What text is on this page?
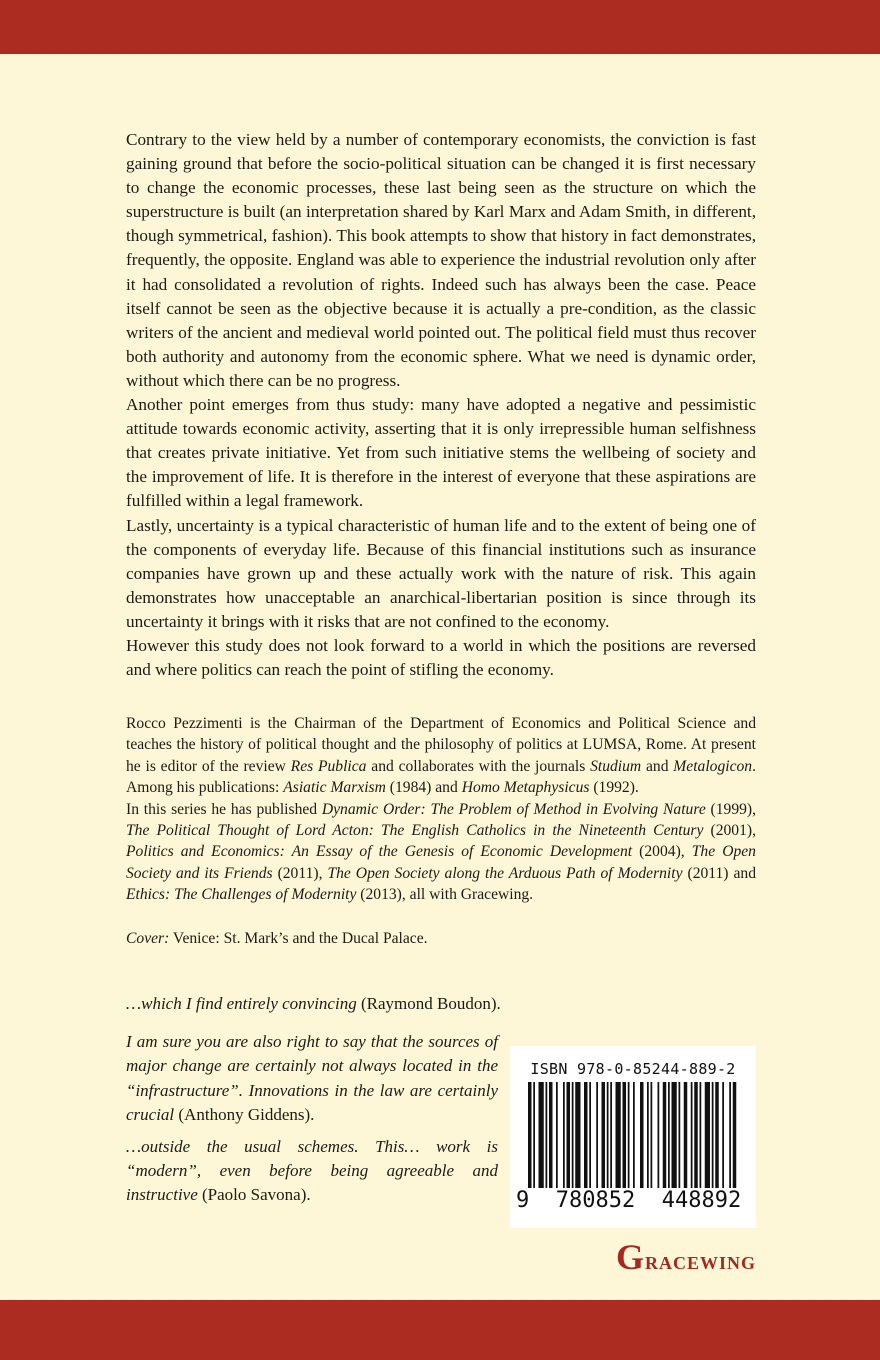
Contrary to the view held by a number of contemporary economists, the conviction is fast gaining ground that before the socio-political situation can be changed it is first necessary to change the economic processes, these last being seen as the structure on which the superstructure is built (an interpretation shared by Karl Marx and Adam Smith, in different, though symmetrical, fashion). This book attempts to show that history in fact demonstrates, frequently, the opposite. England was able to experience the industrial revolution only after it had consolidated a revolution of rights. Indeed such has always been the case. Peace itself cannot be seen as the objective because it is actually a pre-condition, as the classic writers of the ancient and medieval world pointed out. The political field must thus recover both authority and autonomy from the economic sphere. What we need is dynamic order, without which there can be no progress.

Another point emerges from thus study: many have adopted a negative and pessimistic attitude towards economic activity, asserting that it is only irrepressible human selfishness that creates private initiative. Yet from such initiative stems the wellbeing of society and the improvement of life. It is therefore in the interest of everyone that these aspirations are fulfilled within a legal framework.

Lastly, uncertainty is a typical characteristic of human life and to the extent of being one of the components of everyday life. Because of this financial institutions such as insurance companies have grown up and these actually work with the nature of risk. This again demonstrates how unacceptable an anarchical-libertarian position is since through its uncertainty it brings with it risks that are not confined to the economy.

However this study does not look forward to a world in which the positions are reversed and where politics can reach the point of stifling the economy.

Rocco Pezzimenti is the Chairman of the Department of Economics and Political Science and teaches the history of political thought and the philosophy of politics at LUMSA, Rome. At present he is editor of the review Res Publica and collaborates with the journals Studium and Metalogicon. Among his publications: Asiatic Marxism (1984) and Homo Metaphysicus (1992).

In this series he has published Dynamic Order: The Problem of Method in Evolving Nature (1999), The Political Thought of Lord Acton: The English Catholics in the Nineteenth Century (2001), Politics and Economics: An Essay of the Genesis of Economic Development (2004), The Open Society and its Friends (2011), The Open Society along the Arduous Path of Modernity (2011) and Ethics: The Challenges of Modernity (2013), all with Gracewing.

Cover: Venice: St. Mark’s and the Ducal Palace.

…which I find entirely convincing (Raymond Boudon).

I am sure you are also right to say that the sources of major change are certainly not always located in the “infrastructure”. Innovations in the law are certainly crucial (Anthony Giddens).

…outside the usual schemes. This… work is “modern”, even before being agreeable and instructive (Paolo Savona).

ISBN 978-0-85244-889-2
9 780852 448892
Gracewing
